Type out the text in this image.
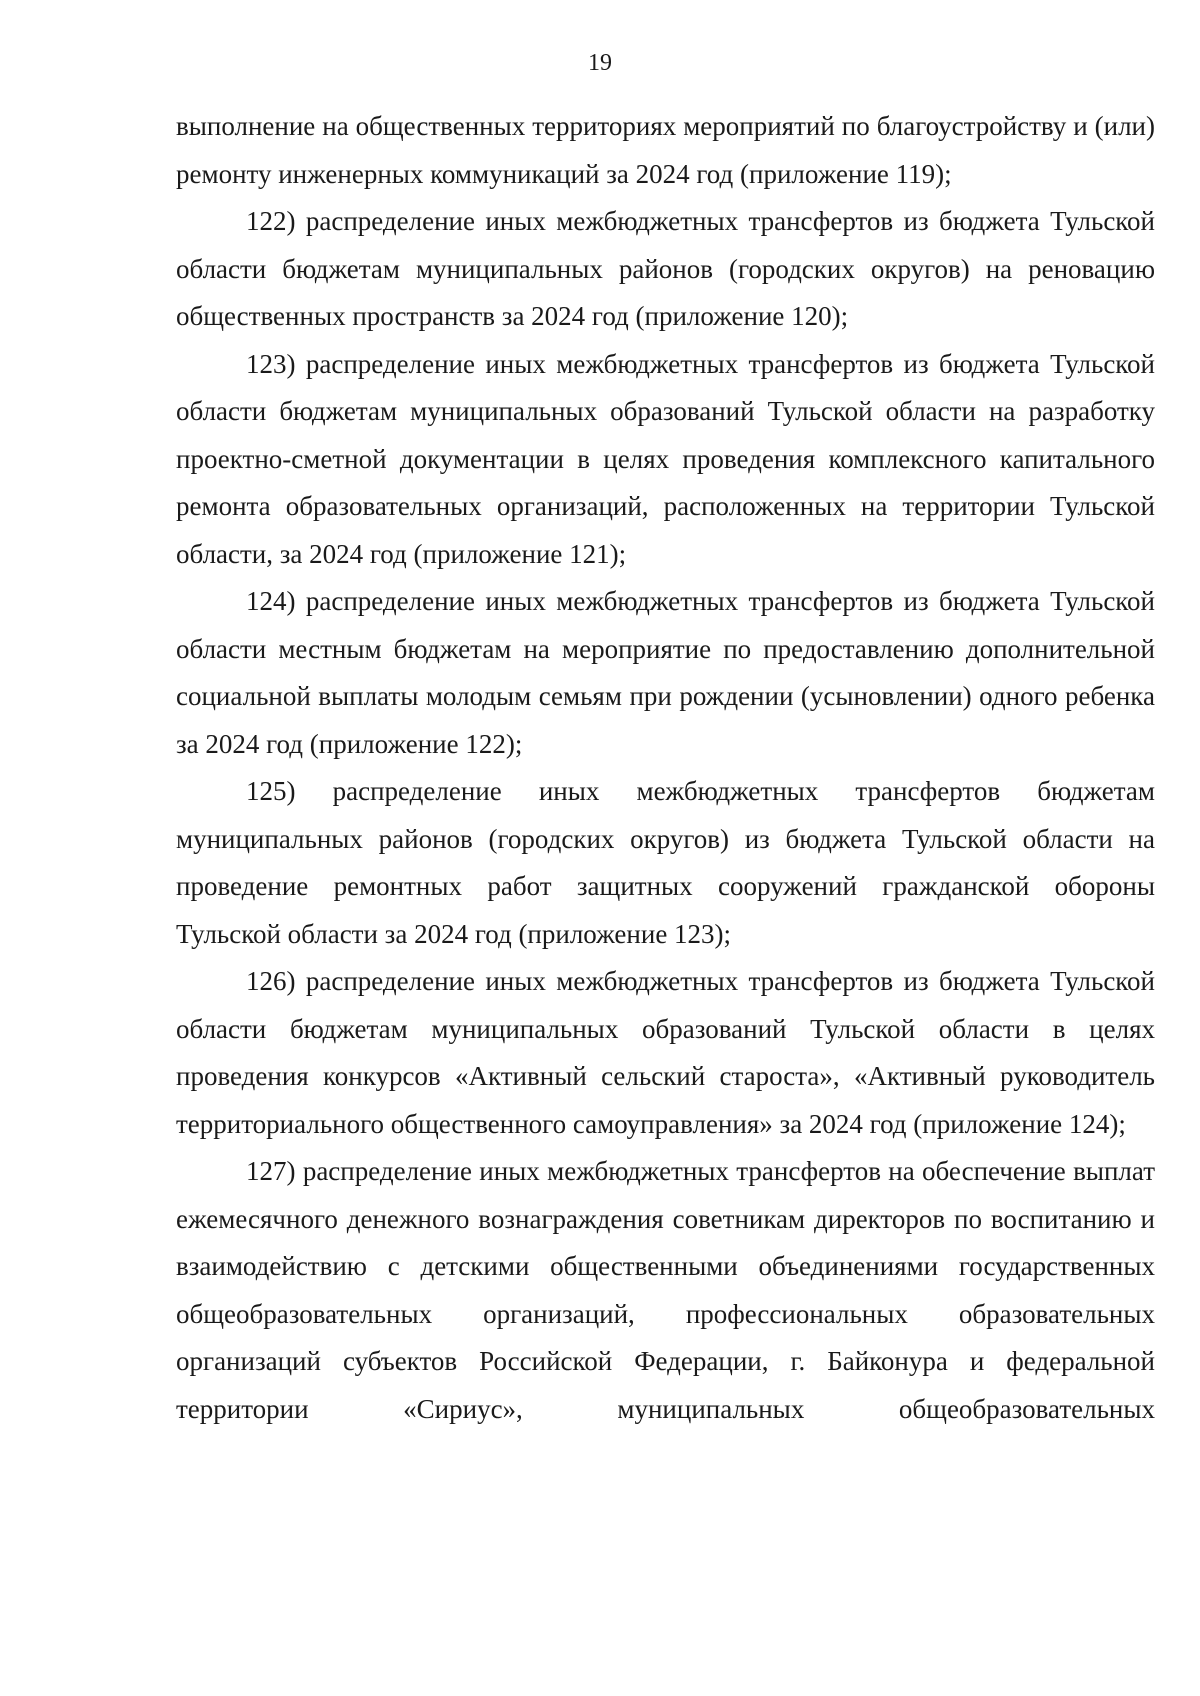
19

выполнение на общественных территориях мероприятий по благоустройству и (или) ремонту инженерных коммуникаций за 2024 год (приложение 119);

122) распределение иных межбюджетных трансфертов из бюджета Тульской области бюджетам муниципальных районов (городских округов) на реновацию общественных пространств за 2024 год (приложение 120);

123) распределение иных межбюджетных трансфертов из бюджета Тульской области бюджетам муниципальных образований Тульской области на разработку проектно-сметной документации в целях проведения комплексного капитального ремонта образовательных организаций, расположенных на территории Тульской области, за 2024 год (приложение 121);

124) распределение иных межбюджетных трансфертов из бюджета Тульской области местным бюджетам на мероприятие по предоставлению дополнительной социальной выплаты молодым семьям при рождении (усыновлении) одного ребенка за 2024 год (приложение 122);

125) распределение иных межбюджетных трансфертов бюджетам муниципальных районов (городских округов) из бюджета Тульской области на проведение ремонтных работ защитных сооружений гражданской обороны Тульской области за 2024 год (приложение 123);

126) распределение иных межбюджетных трансфертов из бюджета Тульской области бюджетам муниципальных образований Тульской области в целях проведения конкурсов «Активный сельский староста», «Активный руководитель территориального общественного самоуправления» за 2024 год (приложение 124);

127) распределение иных межбюджетных трансфертов на обеспечение выплат ежемесячного денежного вознаграждения советникам директоров по воспитанию и взаимодействию с детскими общественными объединениями государственных общеобразовательных организаций, профессиональных образовательных организаций субъектов Российской Федерации, г. Байконура и федеральной территории «Сириус», муниципальных общеобразовательных
